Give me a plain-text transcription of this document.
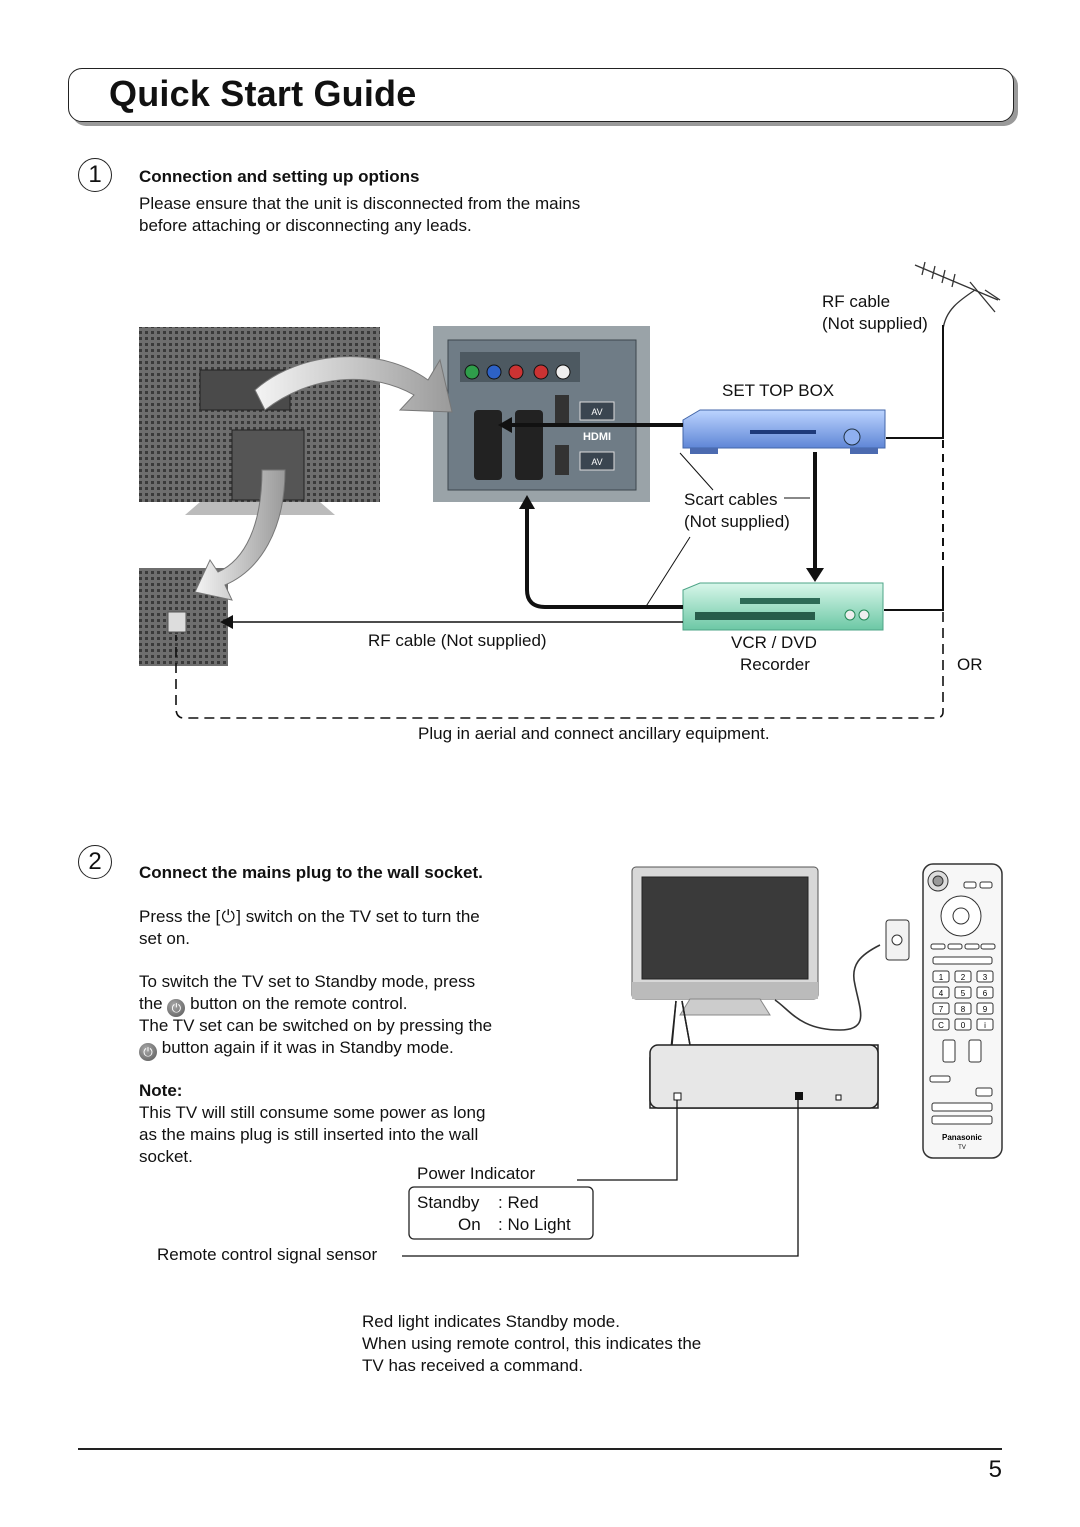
Quick Start Guide
1	Connection and setting up options
Please ensure that the unit is disconnected from the mains
before attaching or disconnecting any leads.
AV
HDMI
AV
RF cable
(Not supplied)
SET TOP BOX
Scart cables
(Not supplied)
RF cable (Not supplied)	VCR / DVD
Recorder	OR
Plug in aerial and connect ancillary equipment.
2	Connect the mains plug to the wall socket.
Press the [⏻] switch on the TV set to turn the
set on.
To switch the TV set to Standby mode, press
the ⏻ button on the remote control.
The TV set can be switched on by pressing the
⏻ button again if it was in Standby mode.
Note:
This TV will still consume some power as long
as the mains plug is still inserted into the wall
socket.
Panasonic
TV
1 2 3
4 5 6
7 8 9
C 0 i
Power Indicator
Standby : Red
On : No Light
Remote control signal sensor
Red light indicates Standby mode.
When using remote control, this indicates the
TV has received a command.
5
